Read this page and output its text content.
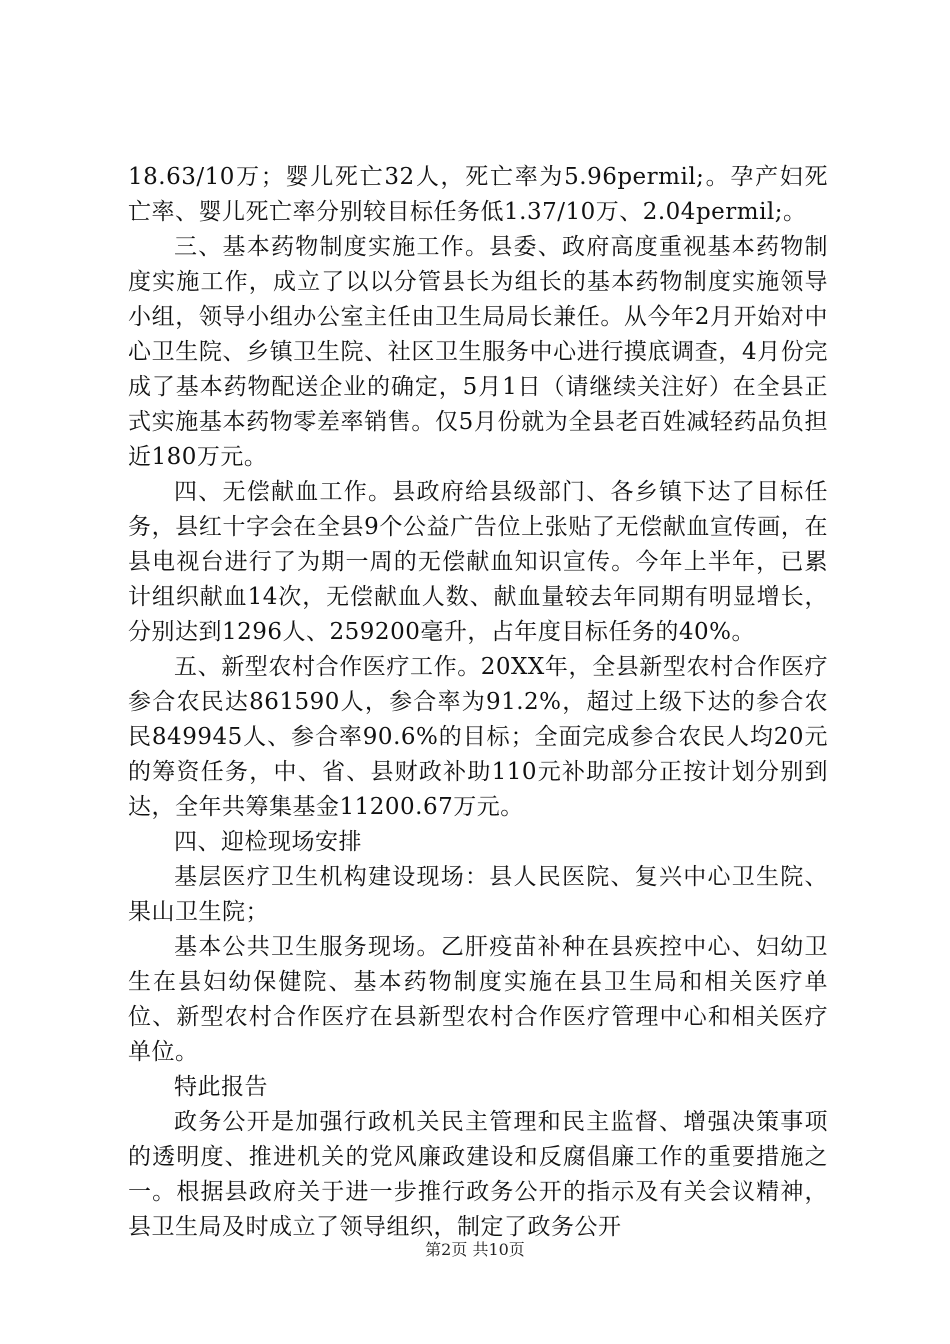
18.63/10万；婴儿死亡32人，死亡率为5.96permil;。孕产妇死亡率、婴儿死亡率分别较目标任务低1.37/10万、2.04permil;。

三、基本药物制度实施工作。县委、政府高度重视基本药物制度实施工作，成立了以以分管县长为组长的基本药物制度实施领导小组，领导小组办公室主任由卫生局局长兼任。从今年2月开始对中心卫生院、乡镇卫生院、社区卫生服务中心进行摸底调查，4月份完成了基本药物配送企业的确定，5月1日（请继续关注好）在全县正式实施基本药物零差率销售。仅5月份就为全县老百姓减轻药品负担近180万元。

四、无偿献血工作。县政府给县级部门、各乡镇下达了目标任务，县红十字会在全县9个公益广告位上张贴了无偿献血宣传画，在县电视台进行了为期一周的无偿献血知识宣传。今年上半年，已累计组织献血14次，无偿献血人数、献血量较去年同期有明显增长，分别达到1296人、259200毫升，占年度目标任务的40%。

五、新型农村合作医疗工作。20XX年，全县新型农村合作医疗参合农民达861590人，参合率为91.2%，超过上级下达的参合农民849945人、参合率90.6%的目标；全面完成参合农民人均20元的筹资任务，中、省、县财政补助110元补助部分正按计划分别到达，全年共筹集基金11200.67万元。

四、迎检现场安排

基层医疗卫生机构建设现场：县人民医院、复兴中心卫生院、果山卫生院；

基本公共卫生服务现场。乙肝疫苗补种在县疾控中心、妇幼卫生在县妇幼保健院、基本药物制度实施在县卫生局和相关医疗单位、新型农村合作医疗在县新型农村合作医疗管理中心和相关医疗单位。

特此报告

政务公开是加强行政机关民主管理和民主监督、增强决策事项的透明度、推进机关的党风廉政建设和反腐倡廉工作的重要措施之一。根据县政府关于进一步推行政务公开的指示及有关会议精神，县卫生局及时成立了领导组织，制定了政务公开

第2页 共10页
